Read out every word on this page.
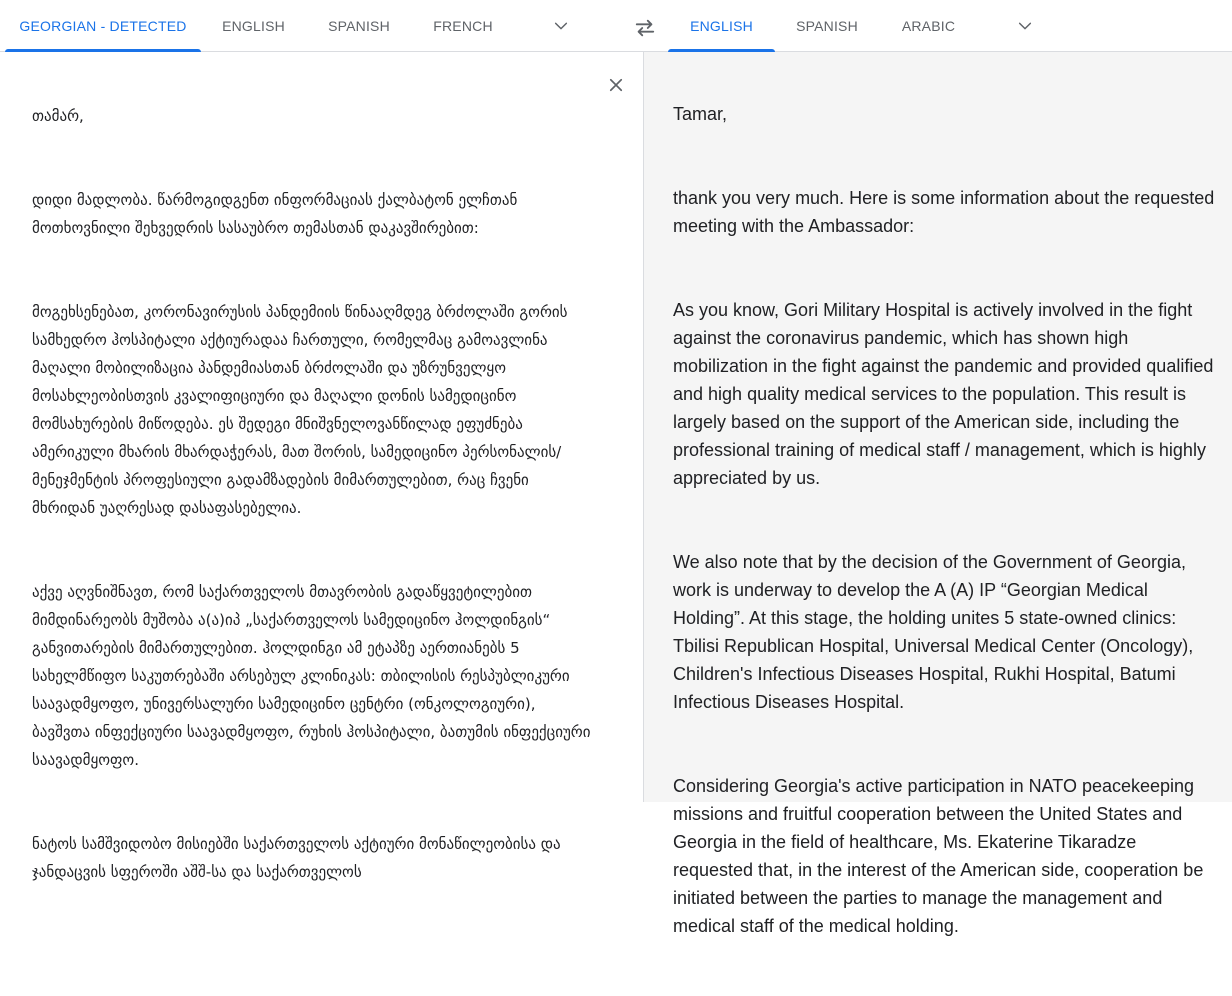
GEORGIAN - DETECTED	ENGLISH	SPANISH	FRENCH	ENGLISH	SPANISH	ARABIC

თამარ,

დიდი მადლობა. წარმოგიდგენთ ინფორმაციას ქალბატონ ელჩთან მოთხოვნილი შეხვედრის სასაუბრო თემასთან დაკავშირებით:

მოგეხსენებათ, კორონავირუსის პანდემიის წინააღმდეგ ბრძოლაში გორის სამხედრო ჰოსპიტალი აქტიურადაა ჩართული, რომელმაც გამოავლინა მაღალი მობილიზაცია პანდემიასთან ბრძოლაში და უზრუნველყო მოსახლეობისთვის კვალიფიციური და მაღალი დონის სამედიცინო მომსახურების მიწოდება. ეს შედეგი მნიშვნელოვანწილად ეფუძნება ამერიკული მხარის მხარდაჭერას, მათ შორის, სამედიცინო პერსონალის/მენეჯმენტის პროფესიული გადამზადების მიმართულებით, რაც ჩვენი მხრიდან უაღრესად დასაფასებელია.

აქვე აღვნიშნავთ, რომ საქართველოს მთავრობის გადაწყვეტილებით მიმდინარეობს მუშობა ა(ა)იპ „საქართველოს სამედიცინო ჰოლდინგის“ განვითარების მიმართულებით. ჰოლდინგი ამ ეტაპზე აერთიანებს 5 სახელმწიფო საკუთრებაში არსებულ კლინიკას: თბილისის რესპუბლიკური საავადმყოფო, უნივერსალური სამედიცინო ცენტრი (ონკოლოგიური), ბავშვთა ინფექციური საავადმყოფო, რუხის ჰოსპიტალი, ბათუმის ინფექციური საავადმყოფო.

ნატოს სამშვიდობო მისიებში საქართველოს აქტიური მონაწილეობისა და ჯანდაცვის სფეროში აშშ-სა და საქართველოს

Tamar,

thank you very much. Here is some information about the requested meeting with the Ambassador:

As you know, Gori Military Hospital is actively involved in the fight against the coronavirus pandemic, which has shown high mobilization in the fight against the pandemic and provided qualified and high quality medical services to the population. This result is largely based on the support of the American side, including the professional training of medical staff / management, which is highly appreciated by us.

We also note that by the decision of the Government of Georgia, work is underway to develop the A (A) IP “Georgian Medical Holding”. At this stage, the holding unites 5 state-owned clinics: Tbilisi Republican Hospital, Universal Medical Center (Oncology), Children's Infectious Diseases Hospital, Rukhi Hospital, Batumi Infectious Diseases Hospital.

Considering Georgia's active participation in NATO peacekeeping missions and fruitful cooperation between the United States and Georgia in the field of healthcare, Ms. Ekaterine Tikaradze requested that, in the interest of the American side, cooperation be initiated between the parties to manage the management and medical staff of the medical holding.
